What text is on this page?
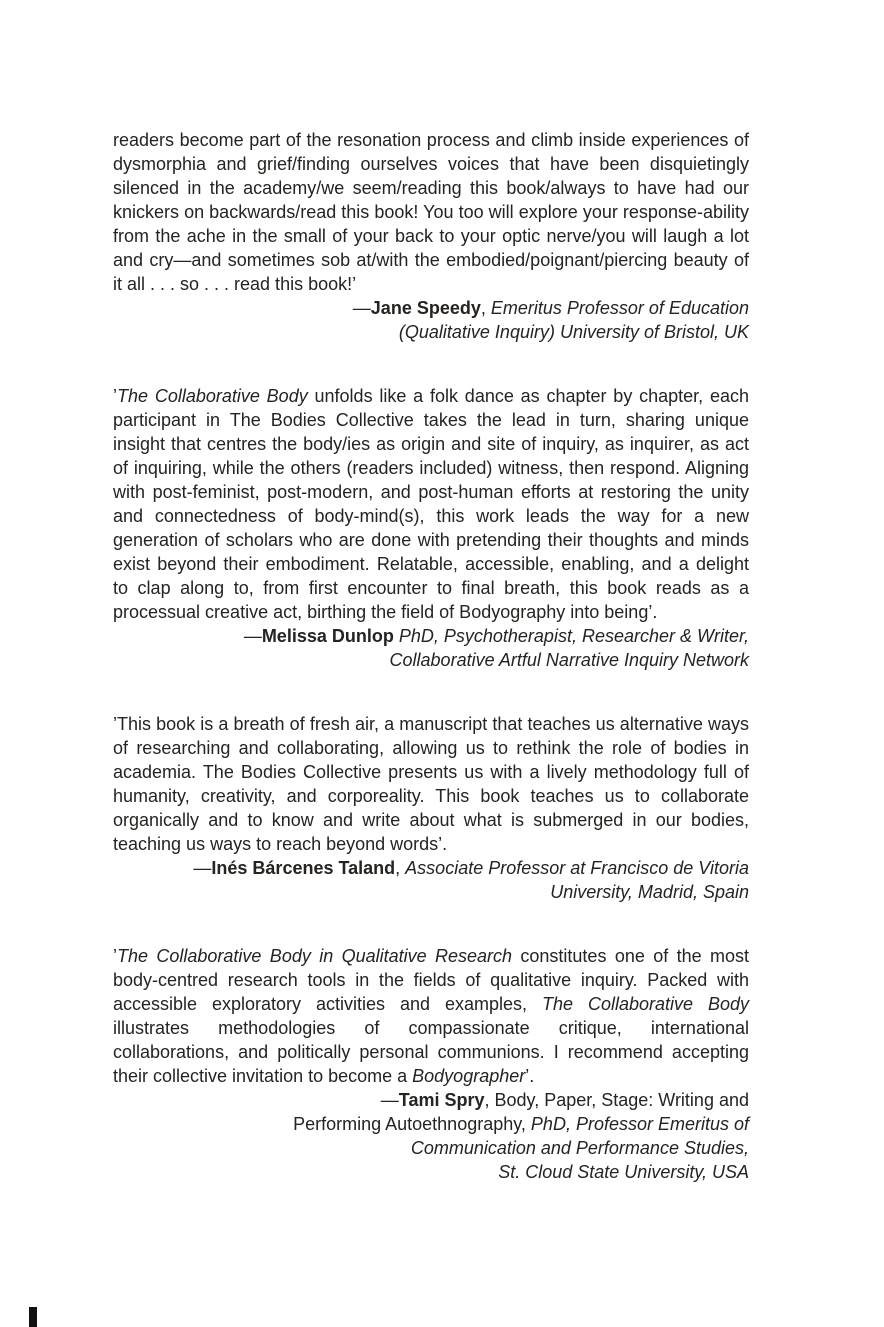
readers become part of the resonation process and climb inside experiences of dysmorphia and grief/finding ourselves voices that have been disquietingly silenced in the academy/we seem/reading this book/always to have had our knickers on backwards/read this book! You too will explore your response-ability from the ache in the small of your back to your optic nerve/you will laugh a lot and cry—and sometimes sob at/with the embodied/poignant/piercing beauty of it all . . . so . . . read this book!’
—Jane Speedy, Emeritus Professor of Education
(Qualitative Inquiry) University of Bristol, UK
’The Collaborative Body unfolds like a folk dance as chapter by chapter, each participant in The Bodies Collective takes the lead in turn, sharing unique insight that centres the body/ies as origin and site of inquiry, as inquirer, as act of inquiring, while the others (readers included) witness, then respond. Aligning with post-feminist, post-modern, and post-human efforts at restoring the unity and connectedness of body-mind(s), this work leads the way for a new generation of scholars who are done with pretending their thoughts and minds exist beyond their embodiment. Relatable, accessible, enabling, and a delight to clap along to, from first encounter to final breath, this book reads as a processual creative act, birthing the field of Bodyography into being’.
—Melissa Dunlop PhD, Psychotherapist, Researcher & Writer,
Collaborative Artful Narrative Inquiry Network
’This book is a breath of fresh air, a manuscript that teaches us alternative ways of researching and collaborating, allowing us to rethink the role of bodies in academia. The Bodies Collective presents us with a lively methodology full of humanity, creativity, and corporeality. This book teaches us to collaborate organically and to know and write about what is submerged in our bodies, teaching us ways to reach beyond words’.
—Inés Bárcenes Taland, Associate Professor at Francisco de Vitoria
University, Madrid, Spain
’The Collaborative Body in Qualitative Research constitutes one of the most body-centred research tools in the fields of qualitative inquiry. Packed with accessible exploratory activities and examples, The Collaborative Body illustrates methodologies of compassionate critique, international collaborations, and politically personal communions. I recommend accepting their collective invitation to become a Bodyographer’.
—Tami Spry, Body, Paper, Stage: Writing and
Performing Autoethnography, PhD, Professor Emeritus of
Communication and Performance Studies,
St. Cloud State University, USA
